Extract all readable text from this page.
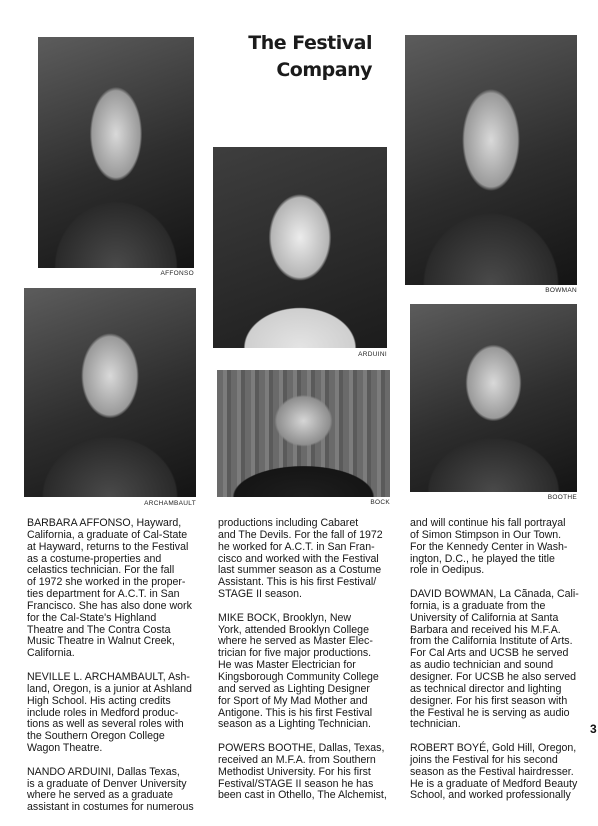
The Festival
Company
AFFONSO
ARDUINI
BOWMAN
ARCHAMBAULT	BOCK
BOOTHE

BARBARA AFFONSO, Hayward,
California, a graduate of Cal-State
at Hayward, returns to the Festival
as a costume-properties and
celastics technician. For the fall
of 1972 she worked in the proper-
ties department for A.C.T. in San
Francisco. She has also done work
for the Cal-State's Highland
Theatre and The Contra Costa
Music Theatre in Walnut Creek,
California.

NEVILLE L. ARCHAMBAULT, Ash-
land, Oregon, is a junior at Ashland
High School. His acting credits
include roles in Medford produc-
tions as well as several roles with
the Southern Oregon College
Wagon Theatre.

NANDO ARDUINI, Dallas Texas,
is a graduate of Denver University
where he served as a graduate
assistant in costumes for numerous

productions including Cabaret
and The Devils. For the fall of 1972
he worked for A.C.T. in San Fran-
cisco and worked with the Festival
last summer season as a Costume
Assistant. This is his first Festival/
STAGE II season.

MIKE BOCK, Brooklyn, New
York, attended Brooklyn College
where he served as Master Elec-
trician for five major productions.
He was Master Electrician for
Kingsborough Community College
and served as Lighting Designer
for Sport of My Mad Mother and
Antigone. This is his first Festival
season as a Lighting Technician.

POWERS BOOTHE, Dallas, Texas,
received an M.F.A. from Southern
Methodist University. For his first
Festival/STAGE II season he has
been cast in Othello, The Alchemist,

and will continue his fall portrayal
of Simon Stimpson in Our Town.
For the Kennedy Center in Wash-
ington, D.C., he played the title
role in Oedipus.

DAVID BOWMAN, La Cãnada, Cali-
fornia, is a graduate from the
University of California at Santa
Barbara and received his M.F.A.
from the California Institute of Arts.
For Cal Arts and UCSB he served
as audio technician and sound
designer. For UCSB he also served
as technical director and lighting
designer. For his first season with
the Festival he is serving as audio
technician.

ROBERT BOYÉ, Gold Hill, Oregon,
joins the Festival for his second
season as the Festival hairdresser.
He is a graduate of Medford Beauty
School, and worked professionally

3
